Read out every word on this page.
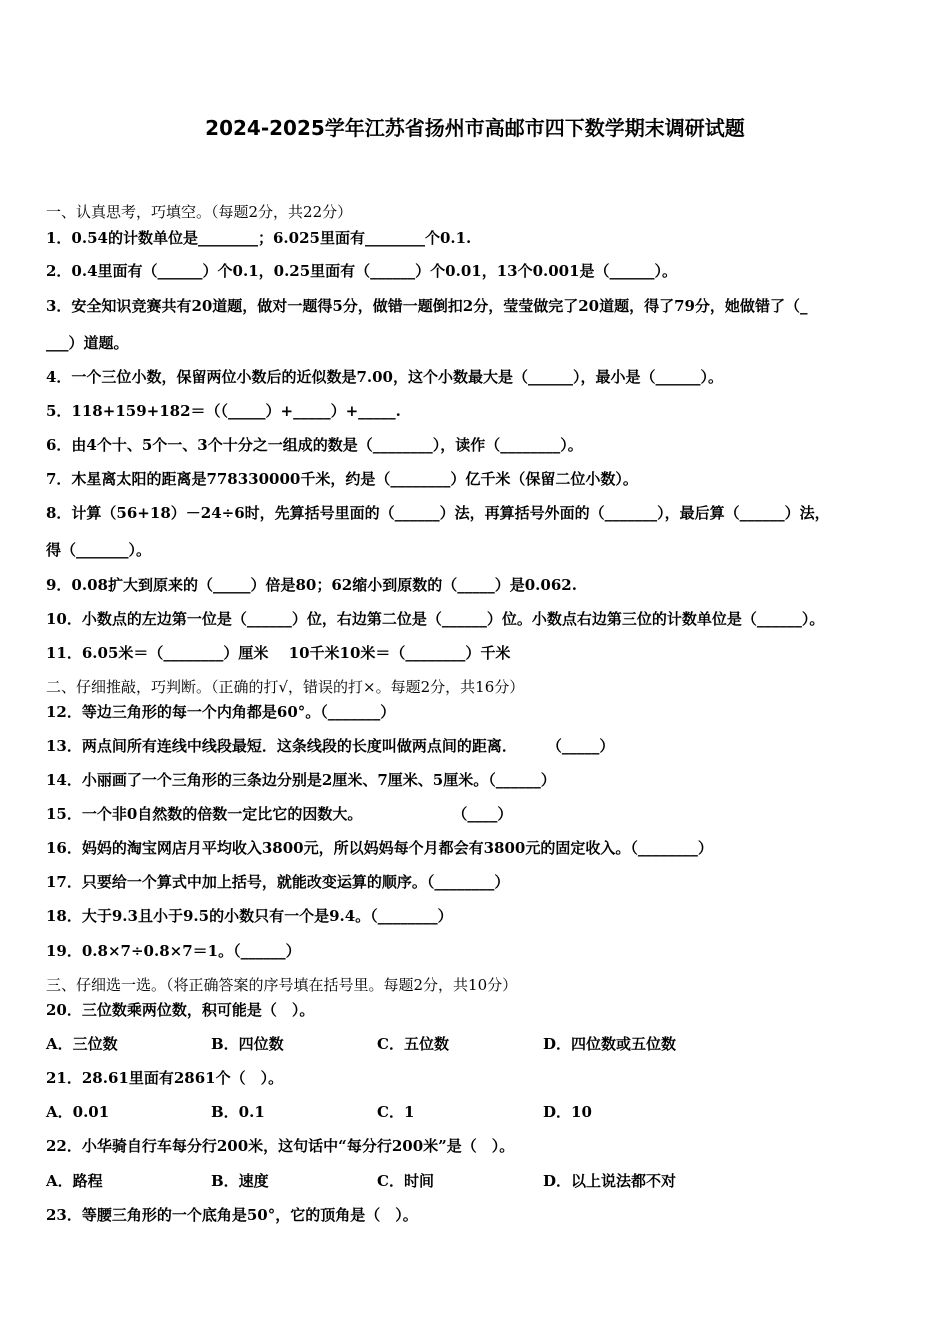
2024-2025学年江苏省扬州市高邮市四下数学期末调研试题
一、认真思考，巧填空。（每题2分，共22分）
1．0.54的计数单位是________；6.025里面有________个0.1.
2．0.4里面有（______）个0.1，0.25里面有（______）个0.01，13个0.001是（______）。
3．安全知识竞赛共有20道题，做对一题得5分，做错一题倒扣2分，莹莹做完了20道题，得了79分，她做错了（_
___）道题。
4．一个三位小数，保留两位小数后的近似数是7.00，这个小数最大是（______），最小是（______）。
5．118+159+182＝（（_____）+_____）+_____.
6．由4个十、5个一、3个十分之一组成的数是（________），读作（________）。
7．木星离太阳的距离是778330000千米，约是（________）亿千米（保留二位小数）。
8．计算（56+18）－24÷6时，先算括号里面的（______）法，再算括号外面的（_______），最后算（______）法，
得（_______）。
9．0.08扩大到原来的（_____）倍是80；62缩小到原数的（_____）是0.062.
10．小数点的左边第一位是（______）位，右边第二位是（______）位。小数点右边第三位的计数单位是（______）。
11．6.05米＝（________）厘米　 10千米10米＝（________）千米
二、仔细推敲，巧判断。（正确的打√，错误的打×。每题2分，共16分）
12．等边三角形的每一个内角都是60°。（_______）
13．两点间所有连线中线段最短．这条线段的长度叫做两点间的距离．　　　（_____）
14．小丽画了一个三角形的三条边分别是2厘米、7厘米、5厘米。（______）
15．一个非0自然数的倍数一定比它的因数大。　　　　　　　（____）
16．妈妈的淘宝网店月平均收入3800元，所以妈妈每个月都会有3800元的固定收入。（________）
17．只要给一个算式中加上括号，就能改变运算的顺序。（________）
18．大于9.3且小于9.5的小数只有一个是9.4。（________）
19．0.8×7÷0.8×7＝1。（______）
三、仔细选一选。（将正确答案的序号填在括号里。每题2分，共10分）
20．三位数乘两位数，积可能是（　）。
A．三位数	B．四位数	C．五位数	D．四位数或五位数
21．28.61里面有2861个（　）。
A．0.01	B．0.1	C．1	D．10
22．小华骑自行车每分行200米，这句话中“每分行200米”是（　）。
A．路程	B．速度	C．时间	D．以上说法都不对
23．等腰三角形的一个底角是50°，它的顶角是（　）。
